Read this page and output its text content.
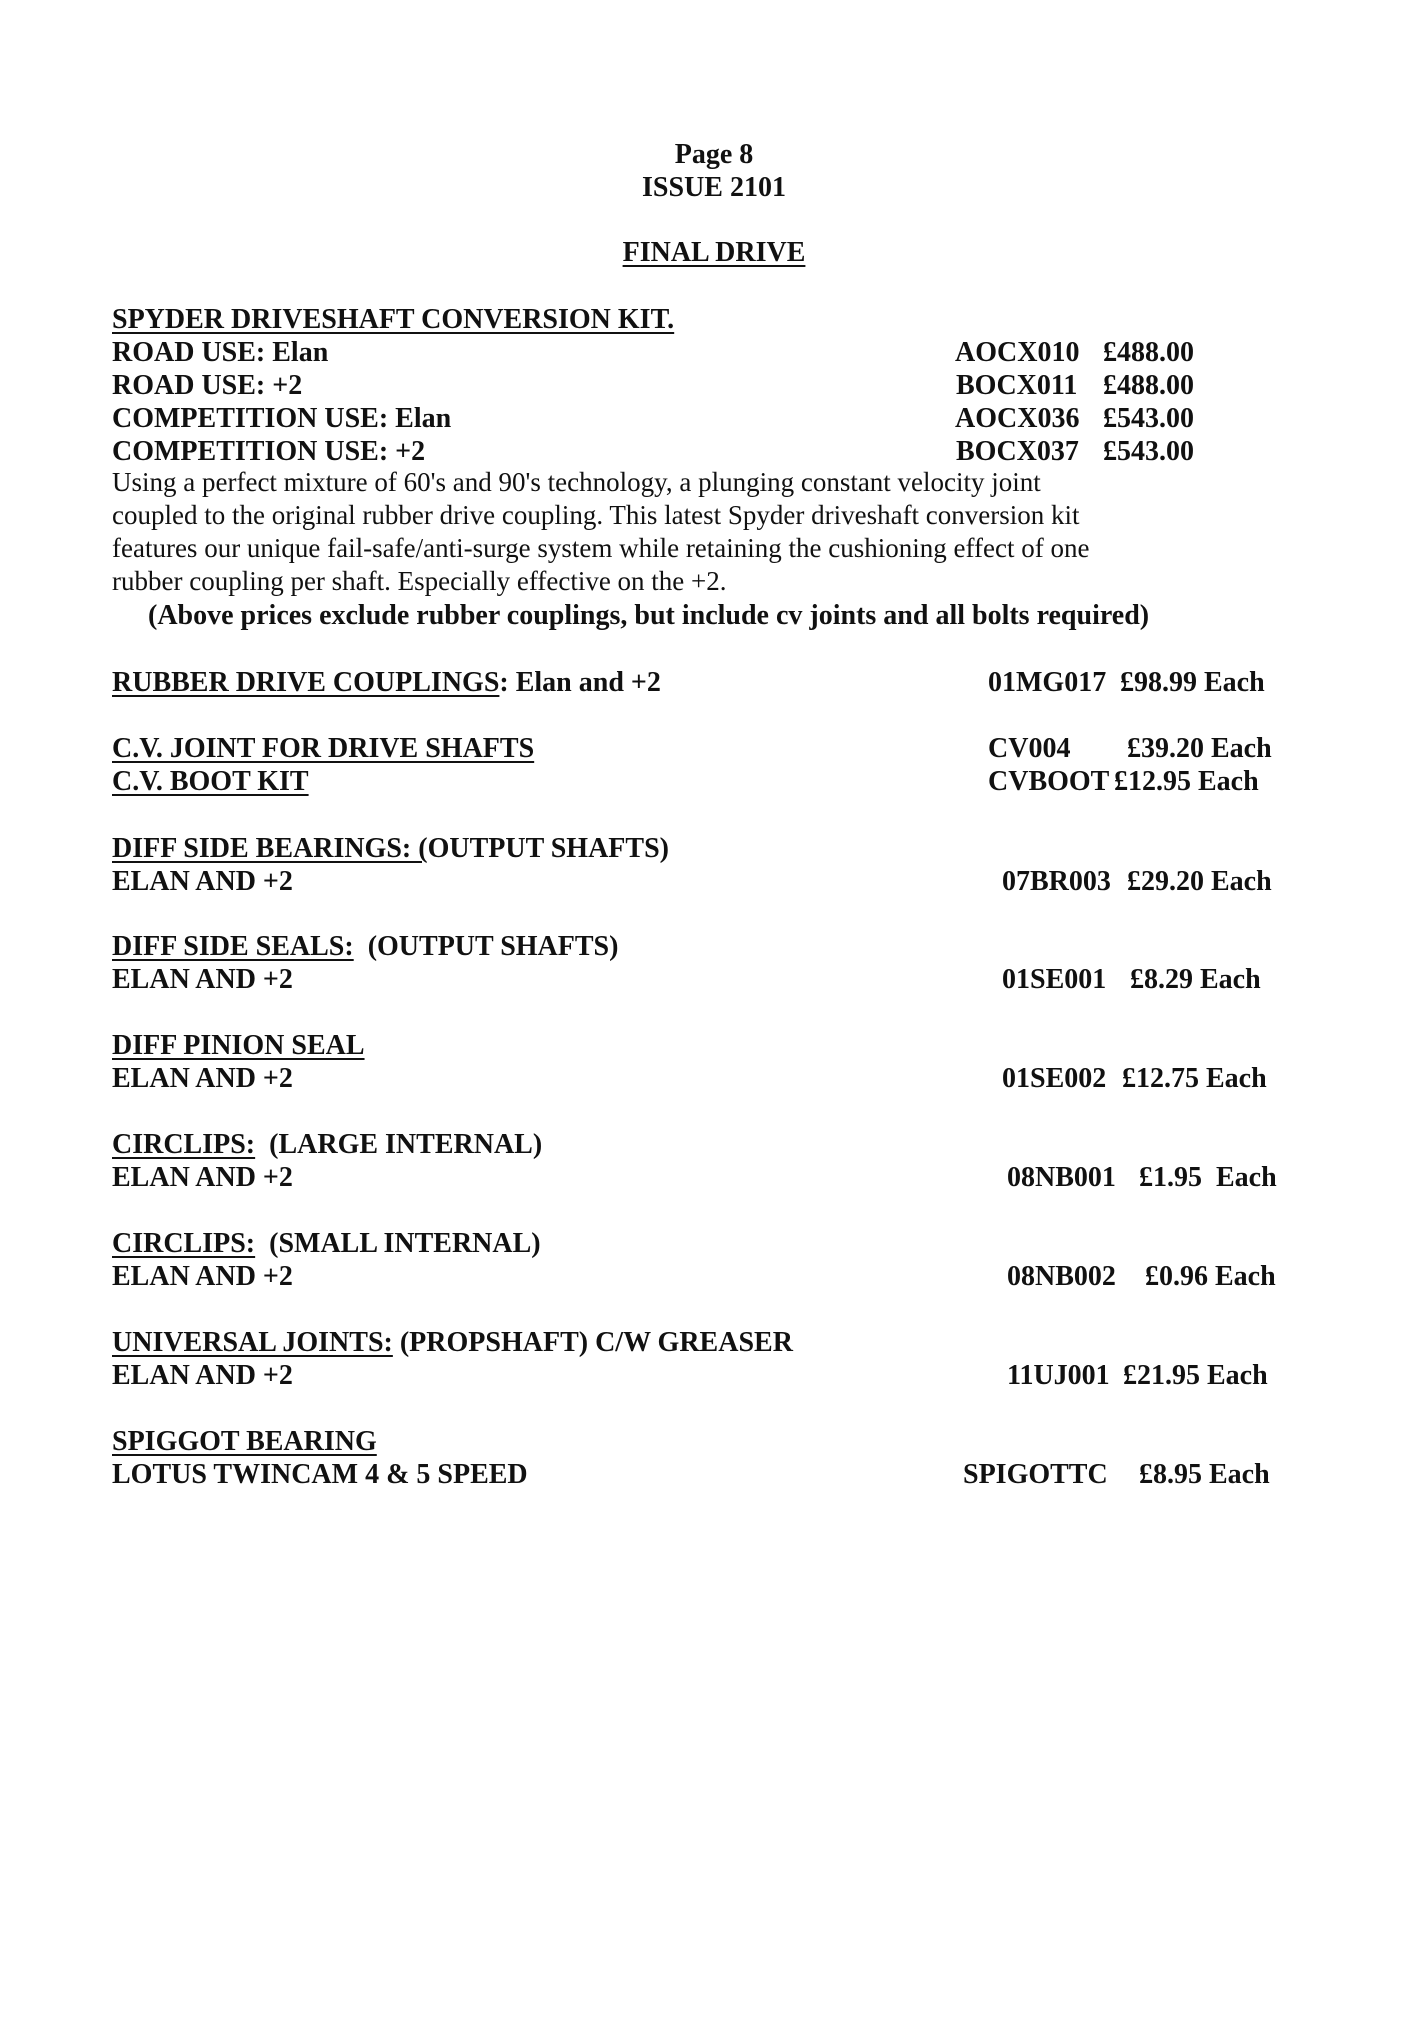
Page 8
ISSUE 2101
FINAL DRIVE
SPYDER DRIVESHAFT CONVERSION KIT.
ROAD USE: Elan	AOCX010 £488.00
ROAD USE: +2	BOCX011 £488.00
COMPETITION USE: Elan	AOCX036 £543.00
COMPETITION USE: +2	BOCX037 £543.00

Using a perfect mixture of 60's and 90's technology, a plunging constant velocity joint

coupled to the original rubber drive coupling. This latest Spyder driveshaft conversion kit

features our unique fail-safe/anti-surge system while retaining the cushioning effect of one

rubber coupling per shaft. Especially effective on the +2.

(Above prices exclude rubber couplings, but include cv joints and all bolts required)
RUBBER DRIVE COUPLINGS: Elan and +2	01MG017 £98.99 Each
C.V. JOINT FOR DRIVE SHAFTS	CV004 £39.20 Each
C.V. BOOT KIT	CVBOOT £12.95 Each
DIFF SIDE BEARINGS: (OUTPUT SHAFTS)
ELAN AND +2	07BR003 £29.20 Each
DIFF SIDE SEALS:  (OUTPUT SHAFTS)
ELAN AND +2	01SE001 £8.29 Each
DIFF PINION SEAL
ELAN AND +2	01SE002 £12.75 Each
CIRCLIPS:  (LARGE INTERNAL)
ELAN AND +2	08NB001 £1.95  Each
CIRCLIPS:  (SMALL INTERNAL)
ELAN AND +2	08NB002 £0.96 Each
UNIVERSAL JOINTS: (PROPSHAFT) C/W GREASER
ELAN AND +2	11UJ001 £21.95 Each
SPIGGOT BEARING
LOTUS TWINCAM 4 & 5 SPEED	SPIGOTTC £8.95 Each
